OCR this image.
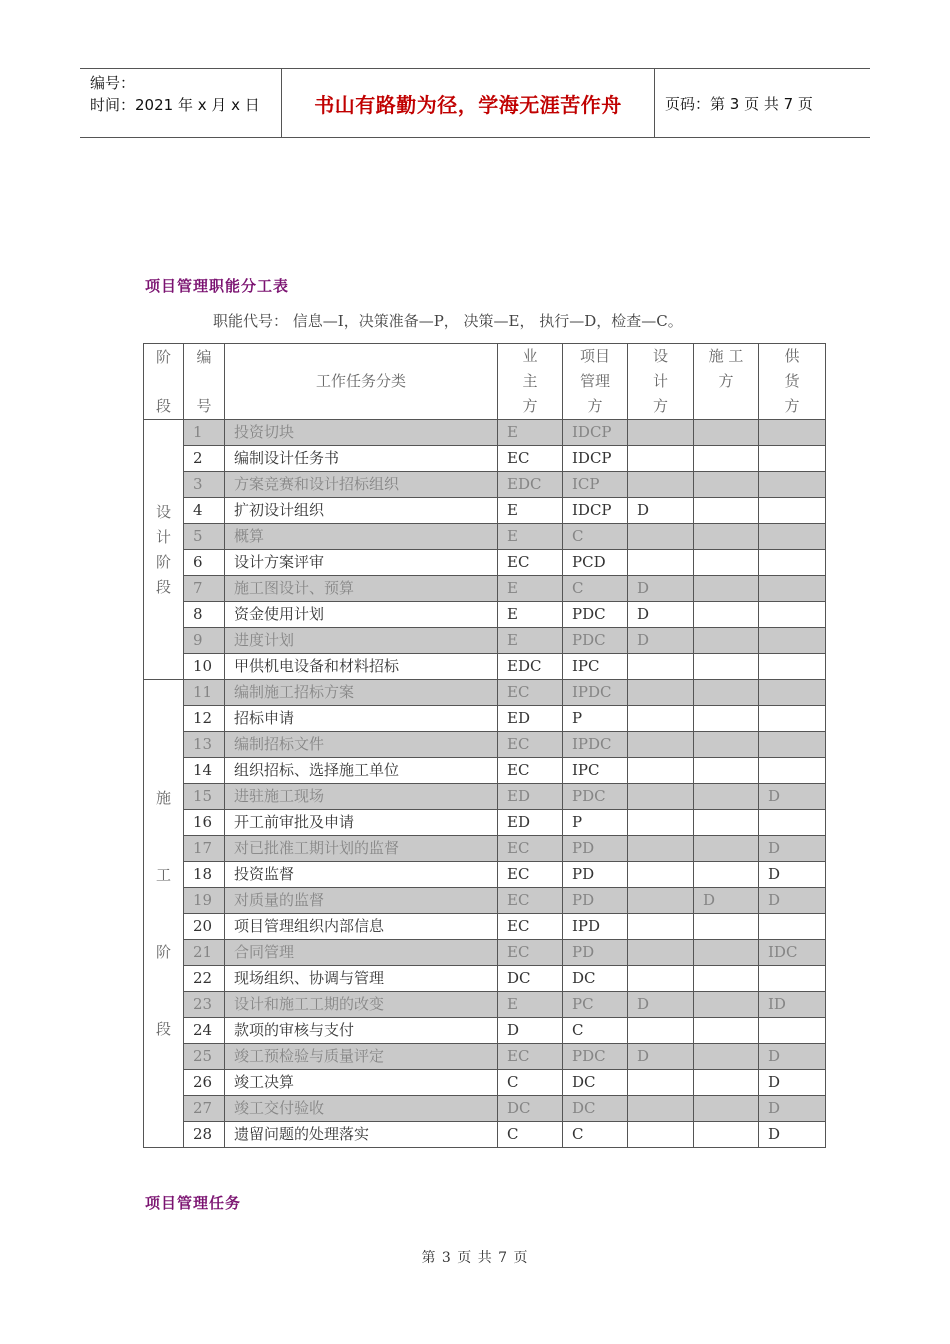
编号：
时间：2021 年 x 月 x 日	书山有路勤为径，学海无涯苦作舟	页码：第 3 页 共 7 页
项目管理职能分工表
职能代号： 信息—I，决策准备—P， 决策—E， 执行—D，检查—C。
阶
段	编
号	工作任务分类	业
主
方	项目
管理
方	设
计
方	施 工
方	供
货
方

设
计
阶
段	1	投资切块	E	IDCP			
	2	编制设计任务书	EC	IDCP			
	3	方案竞赛和设计招标组织	EDC	ICP			
	4	扩初设计组织	E	IDCP	D		
	5	概算	E	C			
	6	设计方案评审	EC	PCD			
	7	施工图设计、预算	E	C	D		
	8	资金使用计划	E	PDC	D		
	9	进度计划	E	PDC	D		
	10	甲供机电设备和材料招标	EDC	IPC			

施
工
阶
段	11	编制施工招标方案	EC	IPDC			
	12	招标申请	ED	P			
	13	编制招标文件	EC	IPDC			
	14	组织招标、选择施工单位	EC	IPC			
	15	进驻施工现场	ED	PDC			D
	16	开工前审批及申请	ED	P			
	17	对已批准工期计划的监督	EC	PD			D
	18	投资监督	EC	PD			D
	19	对质量的监督	EC	PD		D	D
	20	项目管理组织内部信息	EC	IPD			
	21	合同管理	EC	PD			IDC
	22	现场组织、协调与管理	DC	DC			
	23	设计和施工工期的改变	E	PC	D		ID
	24	款项的审核与支付	D	C			
	25	竣工预检验与质量评定	EC	PDC	D		D
	26	竣工决算	C	DC			D
	27	竣工交付验收	DC	DC			D
	28	遗留问题的处理落实	C	C			D
项目管理任务
第 3 页 共 7 页
